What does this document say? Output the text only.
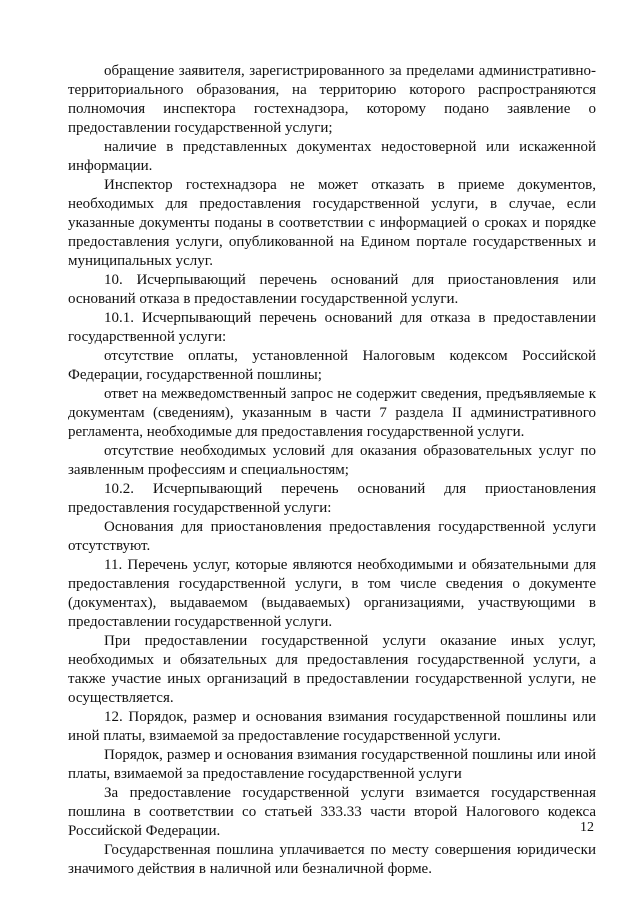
обращение заявителя, зарегистрированного за пределами административно-территориального образования, на территорию которого распространяются полномочия инспектора гостехнадзора, которому подано заявление о предоставлении государственной услуги;

наличие в представленных документах недостоверной или искаженной информации.

Инспектор гостехнадзора не может отказать в приеме документов, необходимых для предоставления государственной услуги, в случае, если указанные документы поданы в соответствии с информацией о сроках и порядке предоставления услуги, опубликованной на Едином портале государственных и муниципальных услуг.

10. Исчерпывающий перечень оснований для приостановления или оснований отказа в предоставлении государственной услуги.

10.1. Исчерпывающий перечень оснований для отказа в предоставлении государственной услуги:

отсутствие оплаты, установленной Налоговым кодексом Российской Федерации, государственной пошлины;

ответ на межведомственный запрос не содержит сведения, предъявляемые к документам (сведениям), указанным в части 7 раздела II административного регламента, необходимые для предоставления государственной услуги.

отсутствие необходимых условий для оказания образовательных услуг по заявленным профессиям и специальностям;

10.2. Исчерпывающий перечень оснований для приостановления предоставления государственной услуги:

Основания для приостановления предоставления государственной услуги отсутствуют.

11. Перечень услуг, которые являются необходимыми и обязательными для предоставления государственной услуги, в том числе сведения о документе (документах), выдаваемом (выдаваемых) организациями, участвующими в предоставлении государственной услуги.

При предоставлении государственной услуги оказание иных услуг, необходимых и обязательных для предоставления государственной услуги, а также участие иных организаций в предоставлении государственной услуги, не осуществляется.

12. Порядок, размер и основания взимания государственной пошлины или иной платы, взимаемой за предоставление государственной услуги.

Порядок, размер и основания взимания государственной пошлины или иной платы, взимаемой за предоставление государственной услуги

За предоставление государственной услуги взимается государственная пошлина в соответствии со статьей 333.33 части второй Налогового кодекса Российской Федерации.

Государственная пошлина уплачивается по месту совершения юридически значимого действия в наличной или безналичной форме.

12
